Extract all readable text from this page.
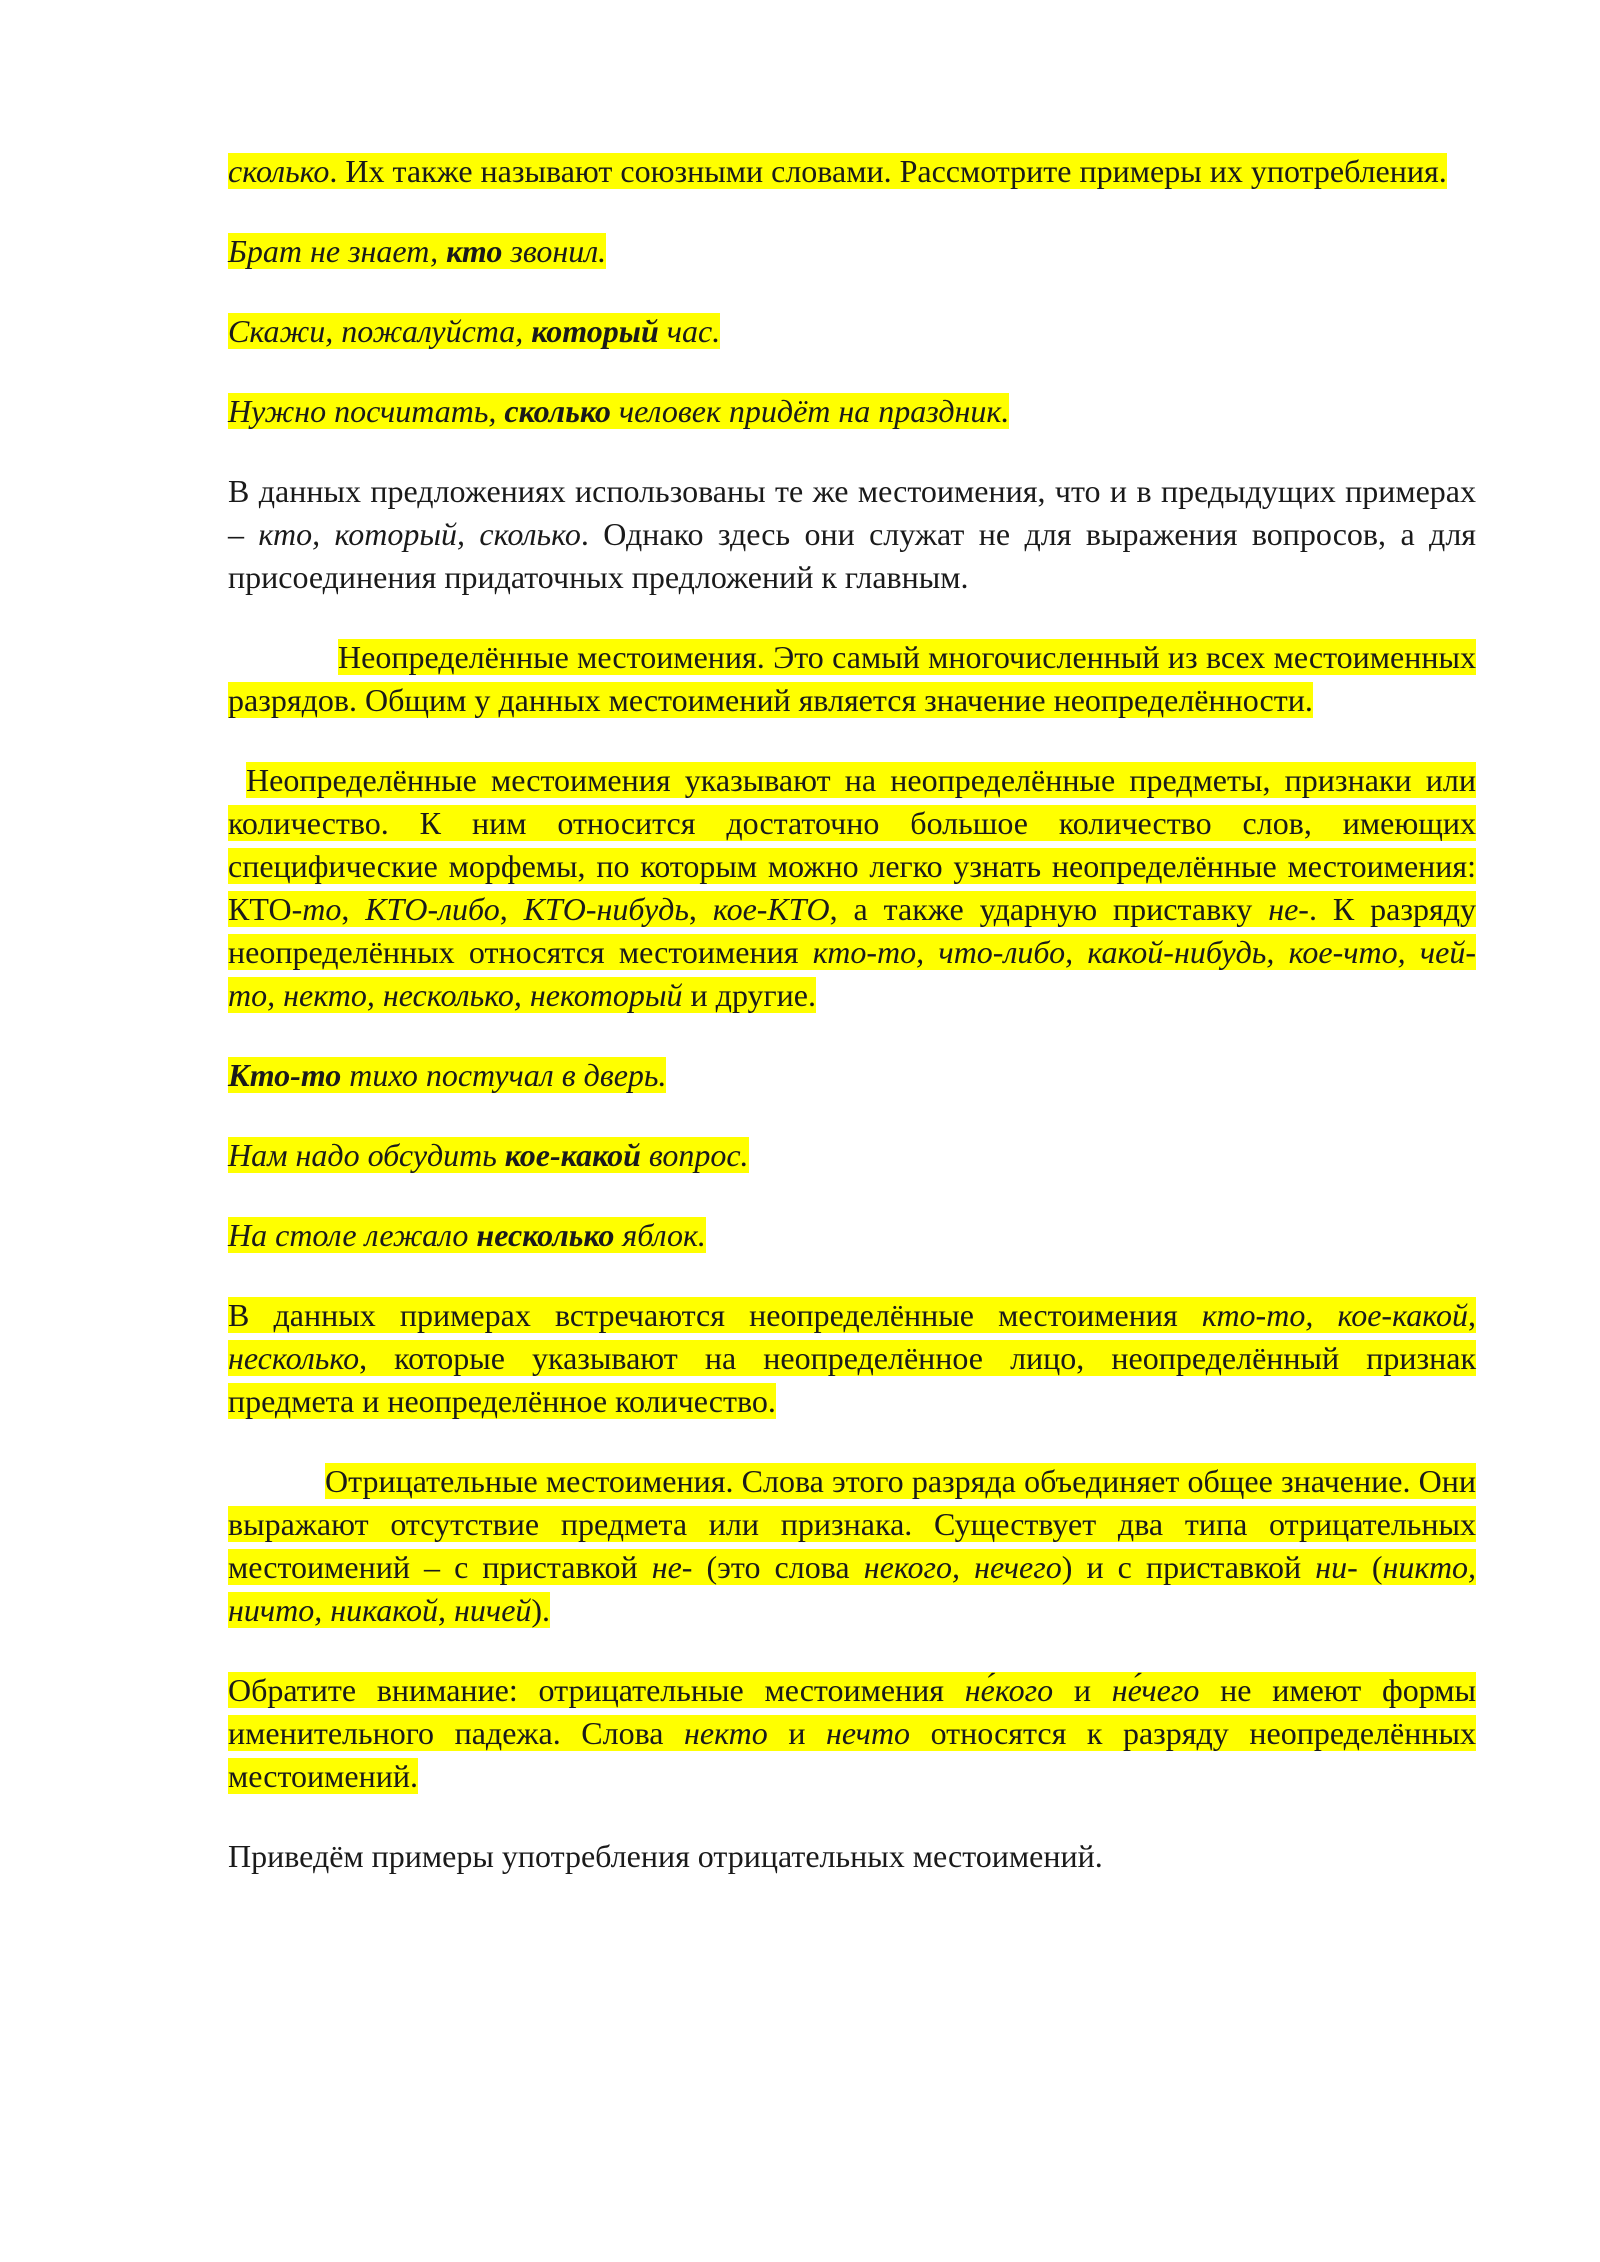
сколько. Их также называют союзными словами. Рассмотрите примеры их употребления.

Брат не знает, кто звонил.

Скажи, пожалуйста, который час.

Нужно посчитать, сколько человек придёт на праздник.

В данных предложениях использованы те же местоимения, что и в предыдущих примерах – кто, который, сколько. Однако здесь они служат не для выражения вопросов, а для присоединения придаточных предложений к главным.

Неопределённые местоимения. Это самый многочисленный из всех местоименных разрядов. Общим у данных местоимений является значение неопределённости.

Неопределённые местоимения указывают на неопределённые предметы, признаки или количество. К ним относится достаточно большое количество слов, имеющих специфические морфемы, по которым можно легко узнать неопределённые местоимения: КТО-то, КТО-либо, КТО-нибудь, кое-КТО, а также ударную приставку не-. К разряду неопределённых относятся местоимения кто-то, что-либо, какой-нибудь, кое-что, чей-то, некто, несколько, некоторый и другие.

Кто-то тихо постучал в дверь.

Нам надо обсудить кое-какой вопрос.

На столе лежало несколько яблок.

В данных примерах встречаются неопределённые местоимения кто-то, кое-какой, несколько, которые указывают на неопределённое лицо, неопределённый признак предмета и неопределённое количество.

Отрицательные местоимения. Слова этого разряда объединяет общее значение. Они выражают отсутствие предмета или признака. Существует два типа отрицательных местоимений – с приставкой не- (это слова некого, нечего) и с приставкой ни- (никто, ничто, никакой, ничей).

Обратите внимание: отрицательные местоимения не́кого и не́чего не имеют формы именительного падежа. Слова некто и нечто относятся к разряду неопределённых местоимений.

Приведём примеры употребления отрицательных местоимений.
